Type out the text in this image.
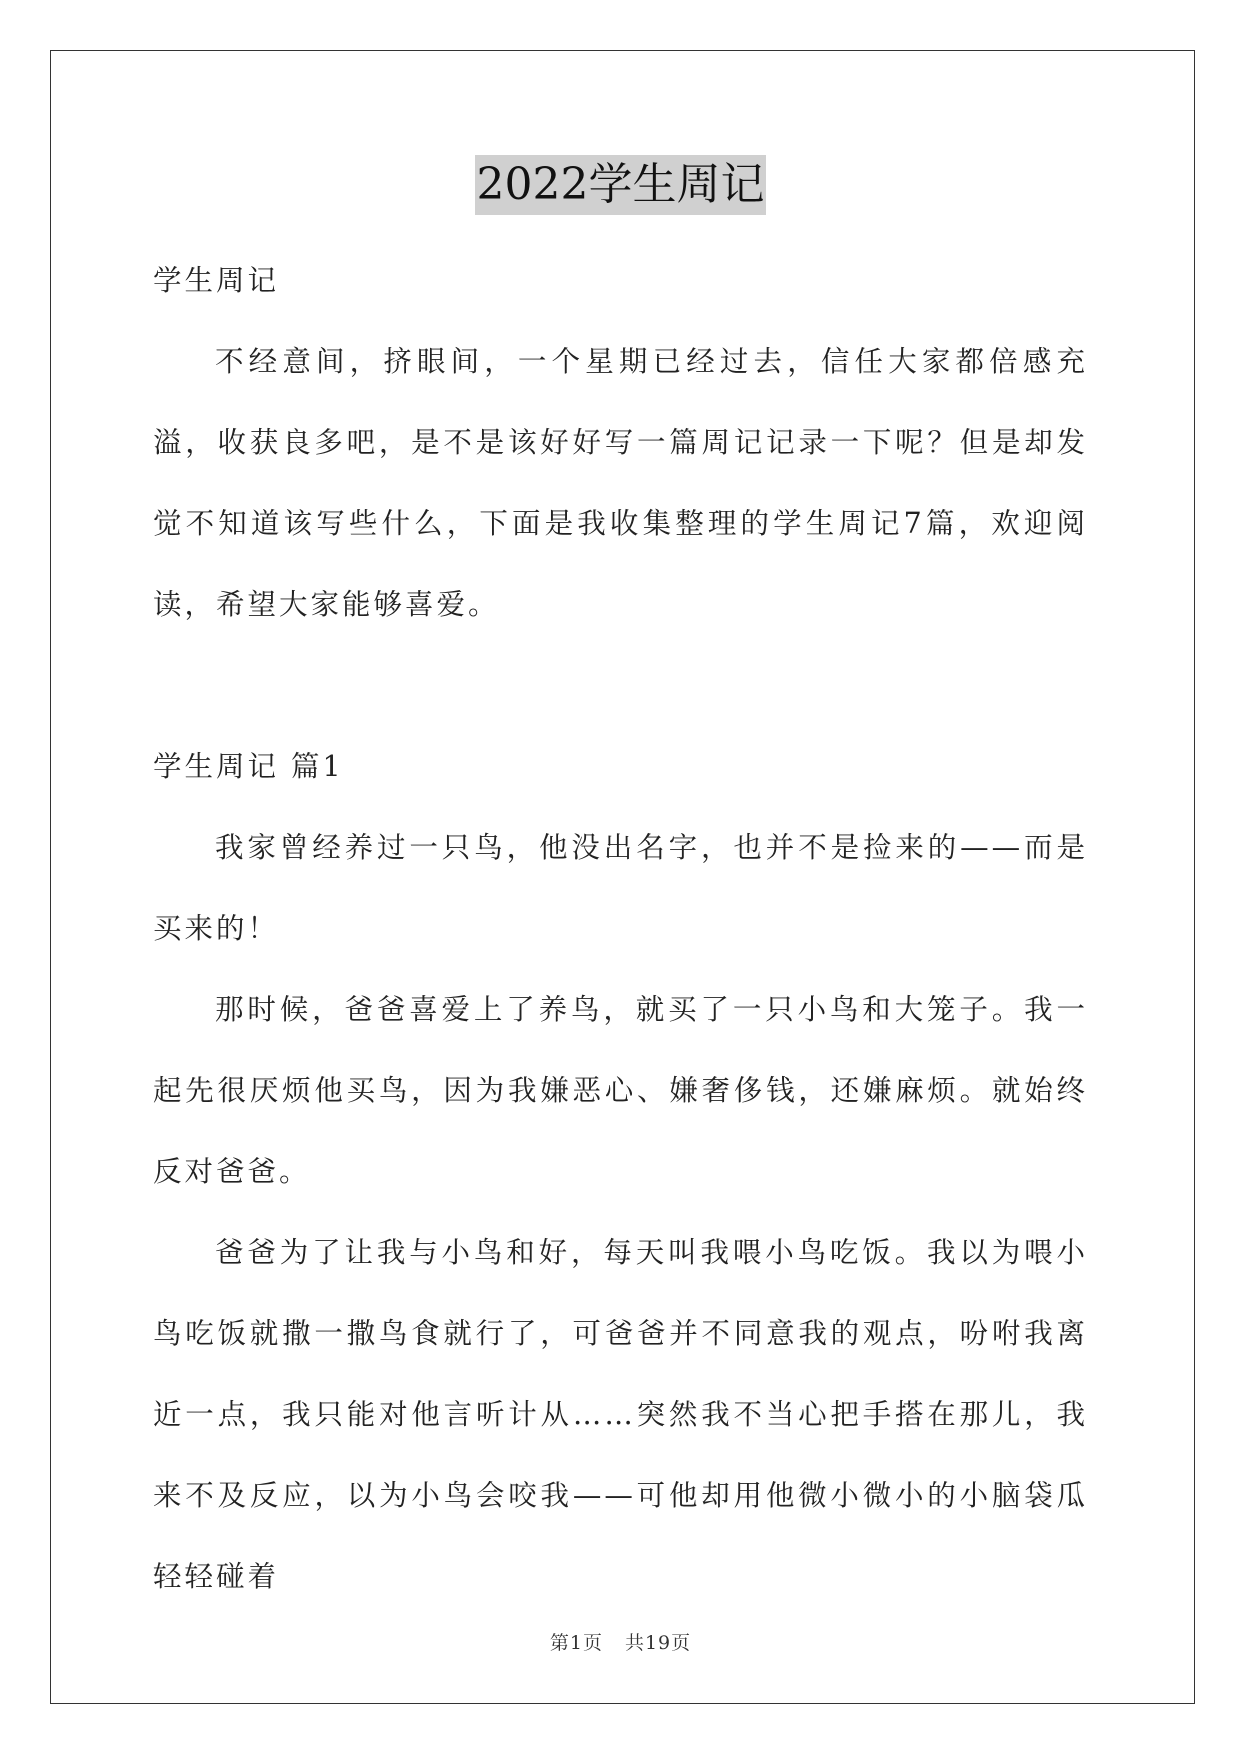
2022学生周记

学生周记

不经意间，挤眼间，一个星期已经过去，信任大家都倍感充溢，收获良多吧，是不是该好好写一篇周记记录一下呢？但是却发觉不知道该写些什么，下面是我收集整理的学生周记7篇，欢迎阅读，希望大家能够喜爱。

学生周记 篇1

我家曾经养过一只鸟，他没出名字，也并不是捡来的——而是买来的！

那时候，爸爸喜爱上了养鸟，就买了一只小鸟和大笼子。我一起先很厌烦他买鸟，因为我嫌恶心、嫌奢侈钱，还嫌麻烦。就始终反对爸爸。

爸爸为了让我与小鸟和好，每天叫我喂小鸟吃饭。我以为喂小鸟吃饭就撒一撒鸟食就行了，可爸爸并不同意我的观点，吩咐我离近一点，我只能对他言听计从……突然我不当心把手搭在那儿，我来不及反应，以为小鸟会咬我——可他却用他微小微小的小脑袋瓜轻轻碰着

第1页 共19页
